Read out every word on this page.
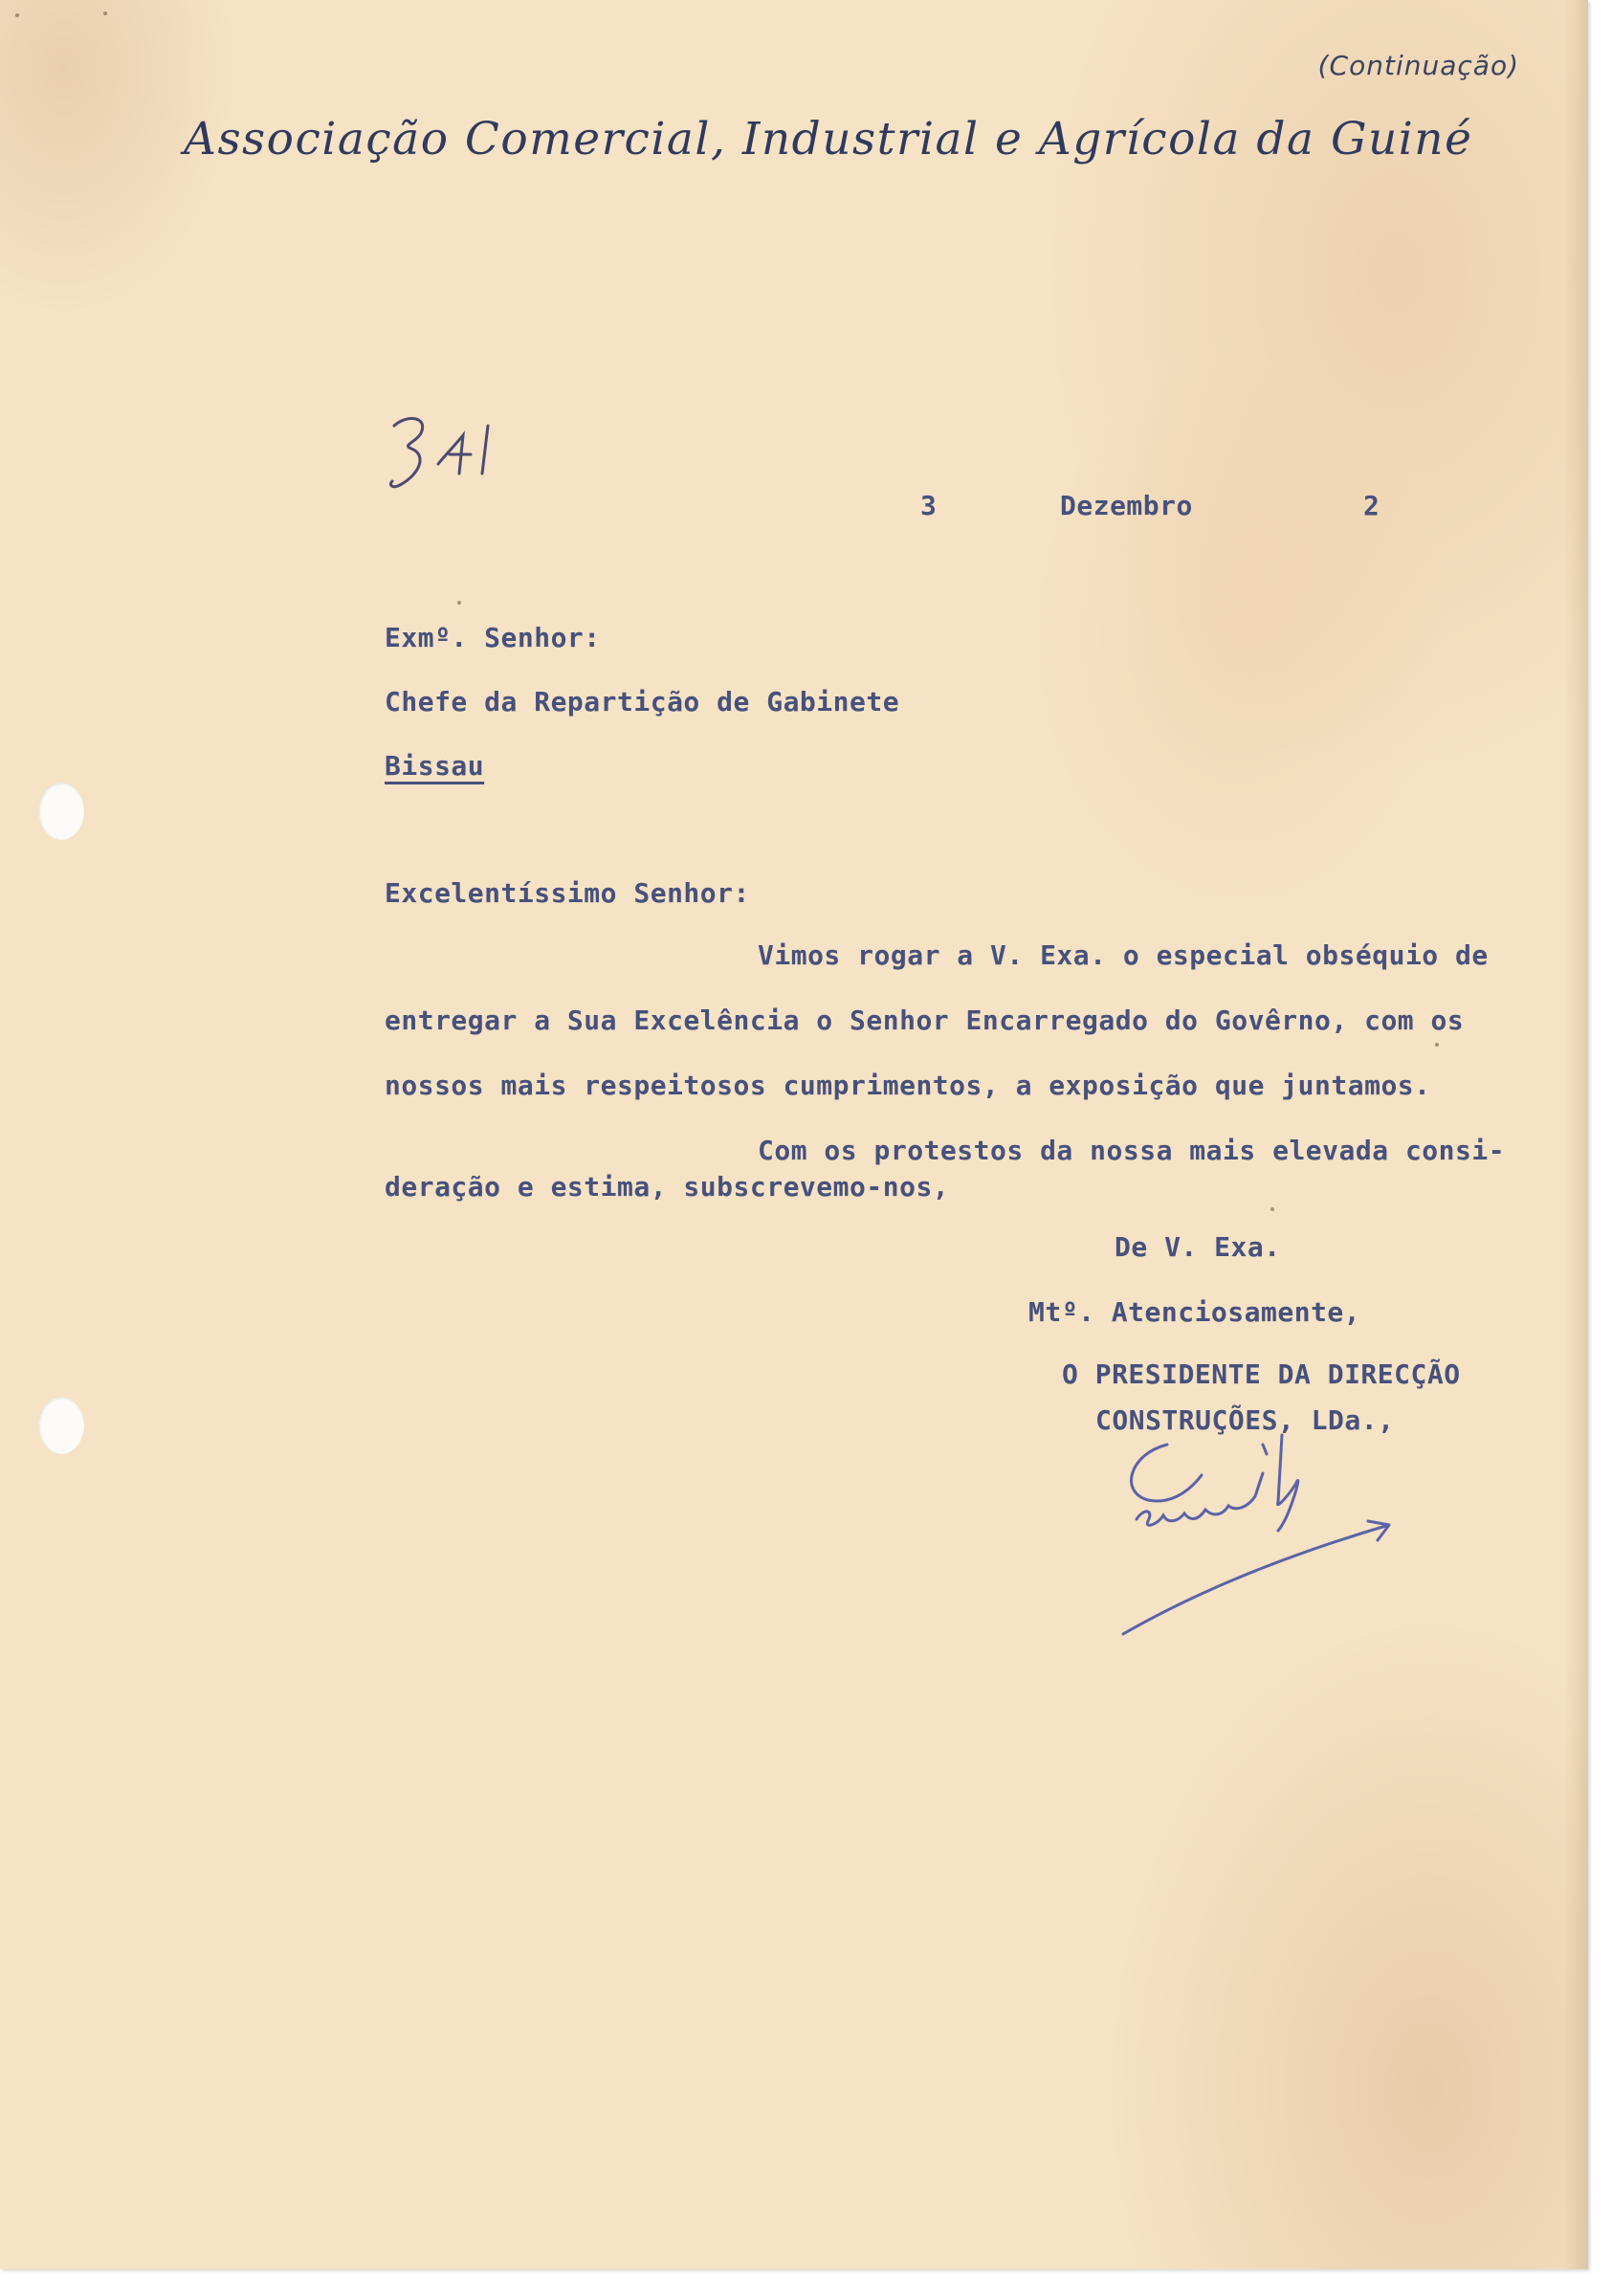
(Continuação)
Associação Comercial, Industrial e Agrícola da Guiné
3	Dezembro	2
Exmº. Senhor:
Chefe da Repartição de Gabinete
Bissau
Excelentíssimo Senhor:
Vimos rogar a V. Exa. o especial obséquio de
entregar a Sua Excelência o Senhor Encarregado do Govêrno, com os
nossos mais respeitosos cumprimentos, a exposição que juntamos.
Com os protestos da nossa mais elevada consi-
deração e estima, subscrevemo-nos,
De V. Exa.
Mtº. Atenciosamente,
O PRESIDENTE DA DIRECÇÃO
CONSTRUÇÕES, LDa.,
